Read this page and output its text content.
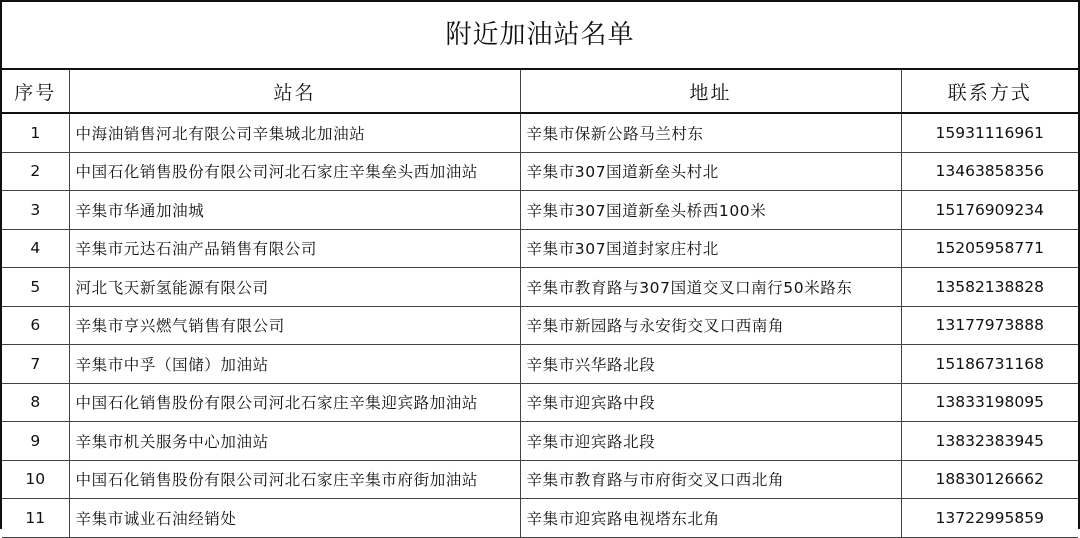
附近加油站名单
序号	站名	地址	联系方式
1	中海油销售河北有限公司辛集城北加油站	辛集市保新公路马兰村东	15931116961
2	中国石化销售股份有限公司河北石家庄辛集垒头西加油站	辛集市307国道新垒头村北	13463858356
3	辛集市华通加油城	辛集市307国道新垒头桥西100米	15176909234
4	辛集市元达石油产品销售有限公司	辛集市307国道封家庄村北	15205958771
5	河北飞天新氢能源有限公司	辛集市教育路与307国道交叉口南行50米路东	13582138828
6	辛集市亨兴燃气销售有限公司	辛集市新园路与永安街交叉口西南角	13177973888
7	辛集市中孚（国储）加油站	辛集市兴华路北段	15186731168
8	中国石化销售股份有限公司河北石家庄辛集迎宾路加油站	辛集市迎宾路中段	13833198095
9	辛集市机关服务中心加油站	辛集市迎宾路北段	13832383945
10	中国石化销售股份有限公司河北石家庄辛集市府街加油站	辛集市教育路与市府街交叉口西北角	18830126662
11	辛集市诚业石油经销处	辛集市迎宾路电视塔东北角	13722995859
